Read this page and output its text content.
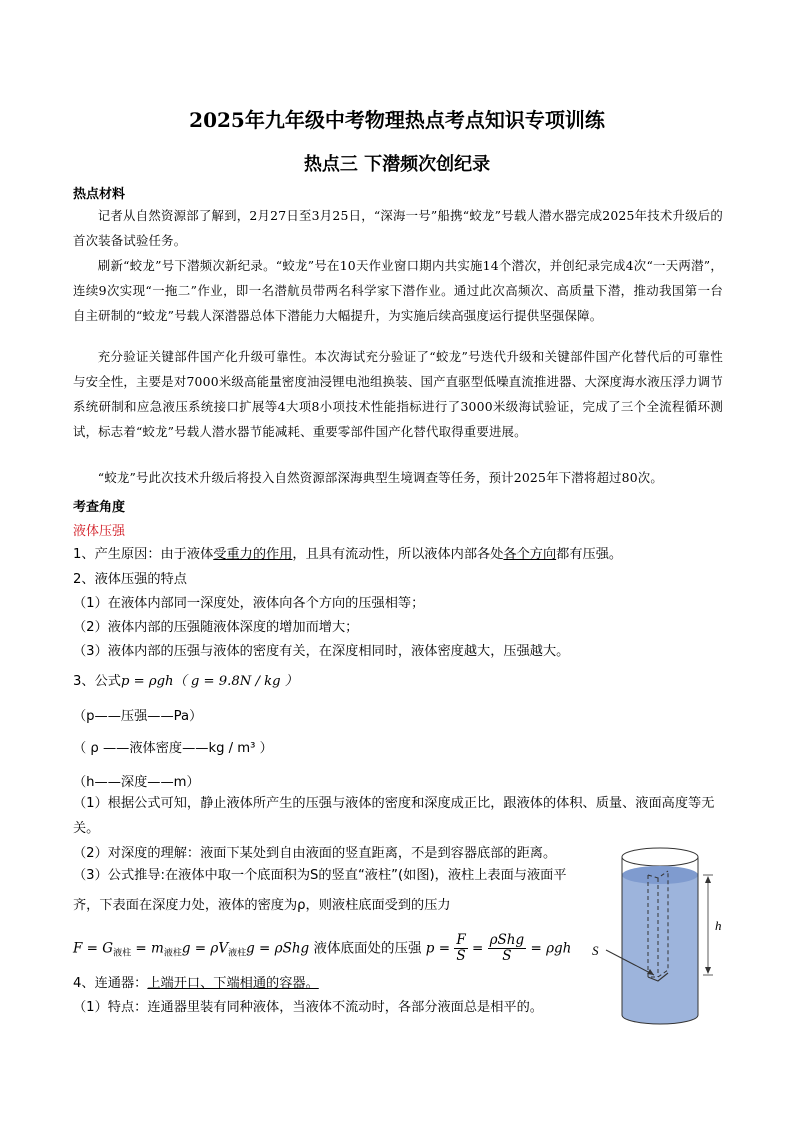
2025年九年级中考物理热点考点知识专项训练
热点三 下潜频次创纪录
热点材料

记者从自然资源部了解到，2月27日至3月25日，“深海一号”船携“蛟龙”号载人潜水器完成2025年技术升级后的首次装备试验任务。

刷新“蛟龙”号下潜频次新纪录。“蛟龙”号在10天作业窗口期内共实施14个潜次，并创纪录完成4次“一天两潜”，连续9次实现“一拖二”作业，即一名潜航员带两名科学家下潜作业。通过此次高频次、高质量下潜，推动我国第一台自主研制的“蛟龙”号载人深潜器总体下潜能力大幅提升，为实施后续高强度运行提供坚强保障。

充分验证关键部件国产化升级可靠性。本次海试充分验证了“蛟龙”号迭代升级和关键部件国产化替代后的可靠性与安全性，主要是对7000米级高能量密度油浸锂电池组换装、国产直驱型低噪直流推进器、大深度海水液压浮力调节系统研制和应急液压系统接口扩展等4大项8小项技术性能指标进行了3000米级海试验证，完成了三个全流程循环测试，标志着“蛟龙”号载人潜水器节能减耗、重要零部件国产化替代取得重要进展。

“蛟龙”号此次技术升级后将投入自然资源部深海典型生境调查等任务，预计2025年下潜将超过80次。

考查角度
液体压强
1、产生原因：由于液体受重力的作用，且具有流动性，所以液体内部各处各个方向都有压强。
2、液体压强的特点
（1）在液体内部同一深度处，液体向各个方向的压强相等；
（2）液体内部的压强随液体深度的增加而增大；
（3）液体内部的压强与液体的密度有关，在深度相同时，液体密度越大，压强越大。
3、公式p = ρgh（ g = 9.8N / kg ）
（p——压强——Pa）
（ ρ ——液体密度——kg / m³ ）
（h——深度——m）

（1）根据公式可知，静止液体所产生的压强与液体的密度和深度成正比，跟液体的体积、质量、液面高度等无关。

（2）对深度的理解：液面下某处到自由液面的竖直距离，不是到容器底部的距离。

（3）公式推导:在液体中取一个底面积为S的竖直“液柱”(如图)，液柱上表面与液面平齐，下表面在深度力处，液体的密度为ρ，则液柱底面受到的压力

$F = G_{液柱} = m_{液柱}g = \rho V_{液柱}g = \rho Shg$ 液体底面处的压强 $p = \frac{F}{S} = \frac{\text{ρShg}}{S} = \rho gh$
4、连通器：上端开口、下端相通的容器。
（1）特点：连通器里装有同种液体，当液体不流动时，各部分液面总是相平的。
S
h
